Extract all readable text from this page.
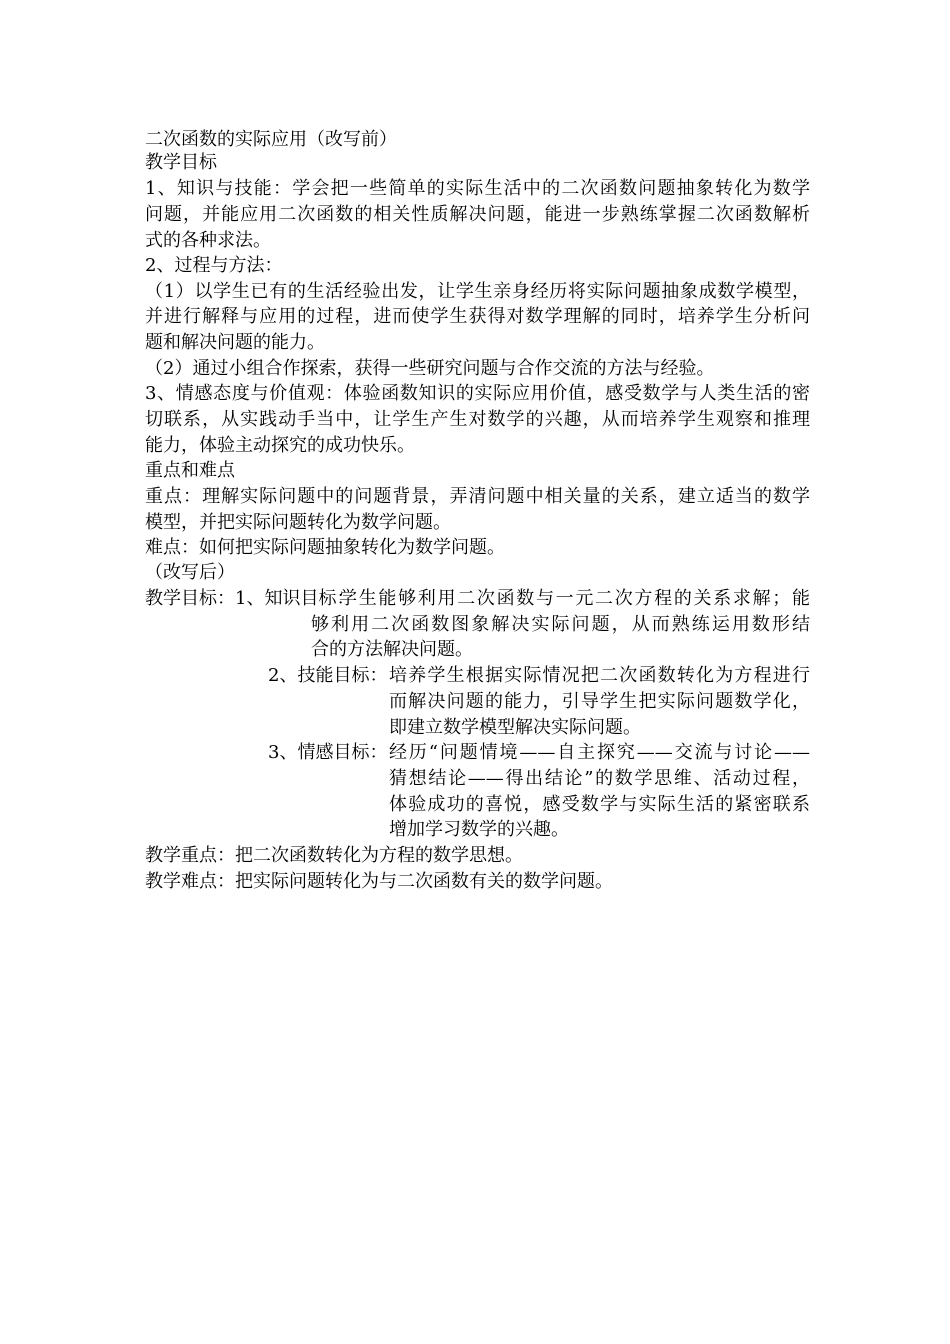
二次函数的实际应用（改写前）
教学目标
1、知识与技能：学会把一些简单的实际生活中的二次函数问题抽象转化为数学
问题，并能应用二次函数的相关性质解决问题，能进一步熟练掌握二次函数解析
式的各种求法。
2、过程与方法：
（1）以学生已有的生活经验出发，让学生亲身经历将实际问题抽象成数学模型，
并进行解释与应用的过程，进而使学生获得对数学理解的同时，培养学生分析问
题和解决问题的能力。
（2）通过小组合作探索，获得一些研究问题与合作交流的方法与经验。
3、情感态度与价值观：体验函数知识的实际应用价值，感受数学与人类生活的密
切联系，从实践动手当中，让学生产生对数学的兴趣，从而培养学生观察和推理
能力，体验主动探究的成功快乐。
重点和难点
重点：理解实际问题中的问题背景，弄清问题中相关量的关系，建立适当的数学
模型，并把实际问题转化为数学问题。
难点：如何把实际问题抽象转化为数学问题。
（改写后）
教学目标： 1、知识目标：
学生能够利用二次函数与一元二次方程的关系求解；能
够利用二次函数图象解决实际问题，从而熟练运用数形结
合的方法解决问题。
2、技能目标： 培养学生根据实际情况把二次函数转化为方程进行
而解决问题的能力，引导学生把实际问题数学化，
即建立数学模型解决实际问题。
3、情感目标： 经历“问题情境——自主探究——交流与讨论——
猜想结论——得出结论”的数学思维、活动过程，
体验成功的喜悦，感受数学与实际生活的紧密联系
增加学习数学的兴趣。
教学重点：把二次函数转化为方程的数学思想。
教学难点：把实际问题转化为与二次函数有关的数学问题。
